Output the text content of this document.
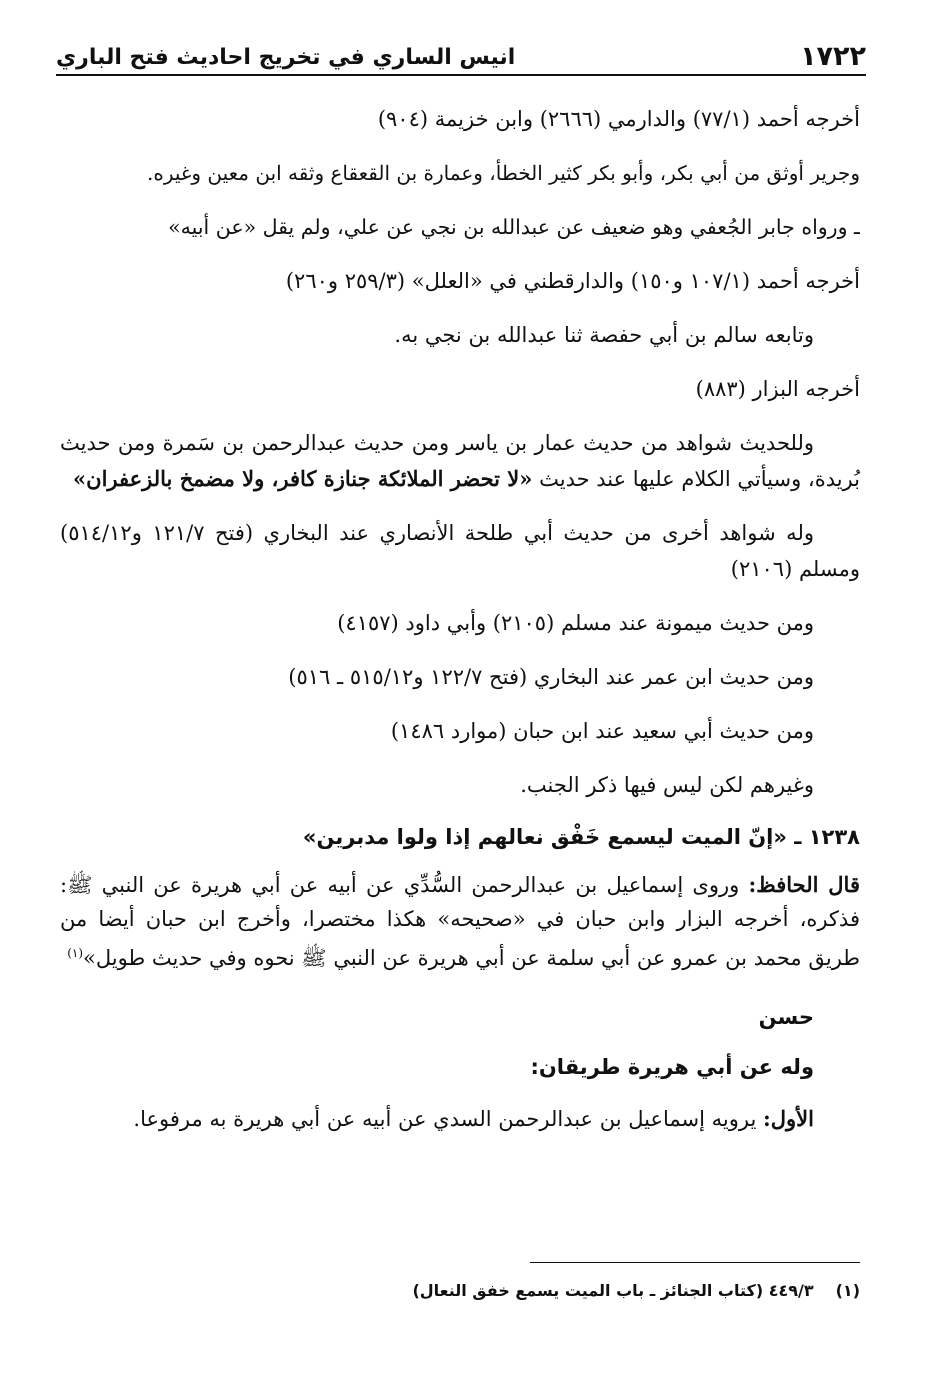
١٧٢٢
انيس الساري في تخريج احاديث فتح الباري

أخرجه أحمد (٧٧/١) والدارمي (٢٦٦٦) وابن خزيمة (٩٠٤)

وجرير أوثق من أبي بكر، وأبو بكر كثير الخطأ، وعمارة بن القعقاع وثقه ابن معين وغيره.

ـ ورواه جابر الجُعفي وهو ضعيف عن عبدالله بن نجي عن علي، ولم يقل «عن أبيه»

أخرجه أحمد (١٠٧/١ و١٥٠) والدارقطني في «العلل» (٢٥٩/٣ و٢٦٠)

وتابعه سالم بن أبي حفصة ثنا عبدالله بن نجي به.

أخرجه البزار (٨٨٣)

وللحديث شواهد من حديث عمار بن ياسر ومن حديث عبدالرحمن بن سَمرة ومن حديث بُريدة، وسيأتي الكلام عليها عند حديث «لا تحضر الملائكة جنازة كافر، ولا مضمخ بالزعفران»

وله شواهد أخرى من حديث أبي طلحة الأنصاري عند البخاري (فتح ١٢١/٧ و٥١٤/١٢) ومسلم (٢١٠٦)

ومن حديث ميمونة عند مسلم (٢١٠٥) وأبي داود (٤١٥٧)

ومن حديث ابن عمر عند البخاري (فتح ١٢٢/٧ و٥١٥/١٢ ـ ٥١٦)

ومن حديث أبي سعيد عند ابن حبان (موارد ١٤٨٦)

وغيرهم لكن ليس فيها ذكر الجنب.

١٢٣٨ ـ «إنّ الميت ليسمع خَفْق نعالهم إذا ولوا مدبرين»

قال الحافظ: وروى إسماعيل بن عبدالرحمن السُّدِّي عن أبيه عن أبي هريرة عن النبي ﷺ: فذكره، أخرجه البزار وابن حبان في «صحيحه» هكذا مختصرا، وأخرج ابن حبان أيضا من طريق محمد بن عمرو عن أبي سلمة عن أبي هريرة عن النبي ﷺ نحوه وفي حديث طويل»$^{(١)}$

حسن

وله عن أبي هريرة طريقان:

الأول: يرويه إسماعيل بن عبدالرحمن السدي عن أبيه عن أبي هريرة به مرفوعا.

(١)٤٤٩/٣ (كتاب الجنائز ـ باب الميت يسمع خفق النعال)
